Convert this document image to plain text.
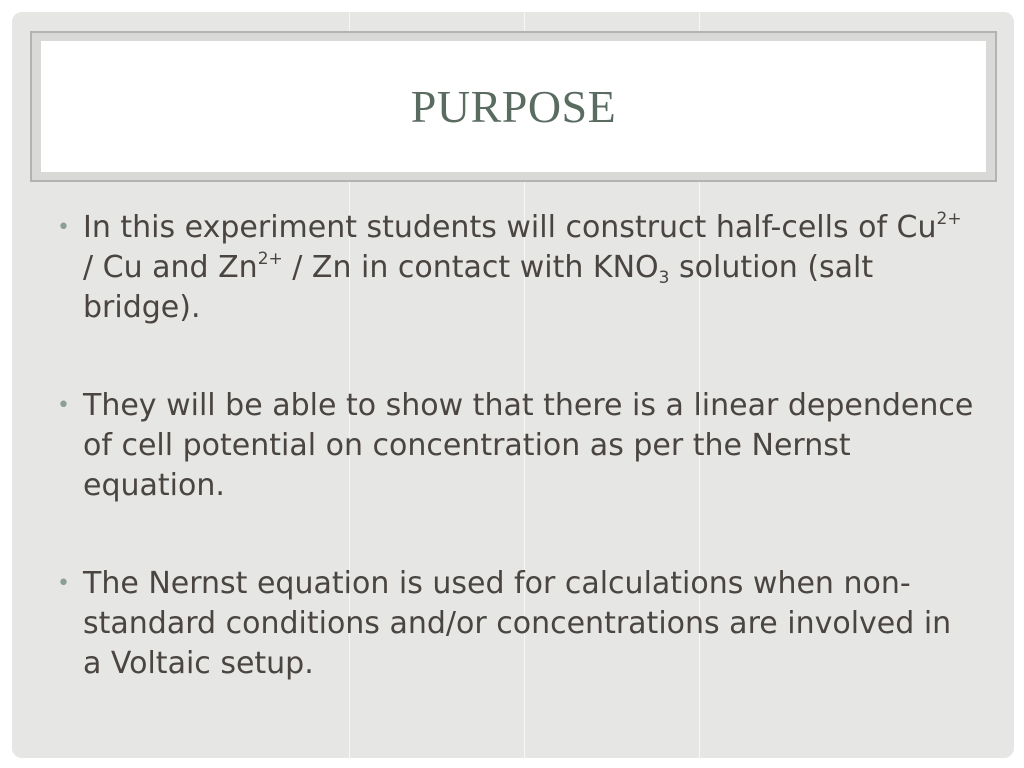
PURPOSE
• In this experiment students will construct half-cells of $Cu^{2+}$ / Cu and $Zn^{2+}$ / Zn in contact with $KNO_3$ solution (salt bridge).
• They will be able to show that there is a linear dependence of cell potential on concentration as per the Nernst equation.
• The Nernst equation is used for calculations when non-standard conditions and/or concentrations are involved in a Voltaic setup.
